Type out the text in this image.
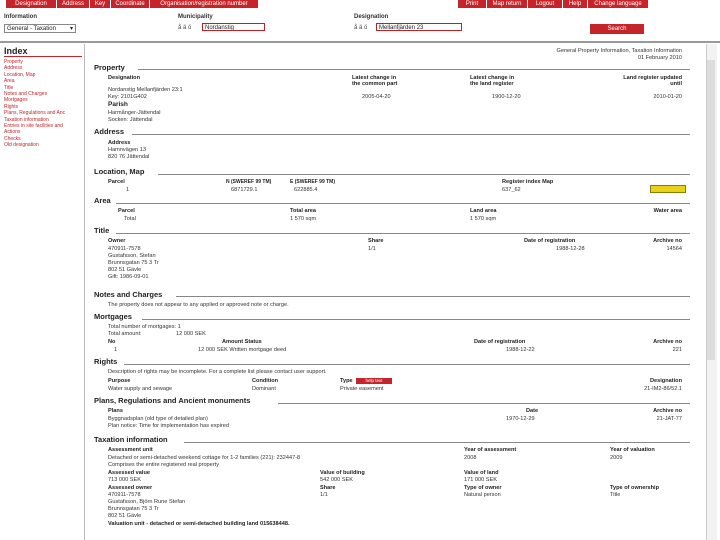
Designation	Address	Key	Coordinate	Organisation/registration number	Print	Map return	Logout	Help	Change language
Information
General - Taxation ▾
Municipality
å ä ö	Nordanstig
Designation
å ä ö	Mellanfjärden 23	Search
Index
Property
Address
Location, Map
Area
Title
Notes and Charges
Mortgages
Rights
Plans, Regulations and Anc
Taxation information
Entries in site facilities and
Actions
Checks
Old designation
General Property Information, Taxation Information
01 February 2010
Property
Designation	Latest change in
the common part
Latest change in
the land register
Land register updated
until
Nordanstig Mellanfjärden 23:1
Key: 2101G402	2005-04-20	1900-12-20	2010-01-20
Parish
Harmånger-Jättendal
Socken: Jättendal
Address
Address
Hamnvägen 13
820 76 Jättendal
Location, Map
Parcel	N (SWEREF 99 TM)	E (SWEREF 99 TM)	Register index Map
1	6871729.1	622885.4	637_62
Area
Parcel	Total area	Land area	Water area
Total	1 570 sqm	1 570 sqm
Title
Owner	Share	Date of registration	Archive no
470911-7578
Gustafsson, Stefan
Brunnsgatan 75 3 Tr
802 51 Gävle
Gift: 1986-09-01
1/1	1988-12-28	14564
Notes and Charges
The property does not appear to any applied or approved note or charge.
Mortgages
Total number of mortgages: 1
Total amount:	12 000 SEK
No	Amount Status	Date of registration	Archive no
1	12 000 SEK Written mortgage deed	1988-12-22	221
Rights
Description of rights may be incomplete. For a complete list please contact user support.
Purpose	Condition	Type	help text	Designation
Water supply and sewage	Dominant	Private easement	21-IM2-86/52.1
Plans, Regulations and Ancient monuments
Plans	Date	Archive no
Byggnadsplan (old type of detailed plan)
Plan notice: Time for implementation has expired
1970-12-29	21-JAT-77
Taxation information
Assessment unit	Year of assessment	Year of valuation
Detached or semi-detached weekend cottage for 1-2 families (221): 232447-8	2008	2009
Comprises the entire registered real property
Assessed value	Value of building	Value of land
713 000 SEK	542 000 SEK	171 000 SEK
Assessed owner	Share	Type of owner	Type of ownership
470911-7578
Gustafsson, Björn Rune Stefan
Brunnsgatan 75 3 Tr
802 51 Gävle
1/1	Natural person	Title
Valuation unit - detached or semi-detached building land 015638448.
